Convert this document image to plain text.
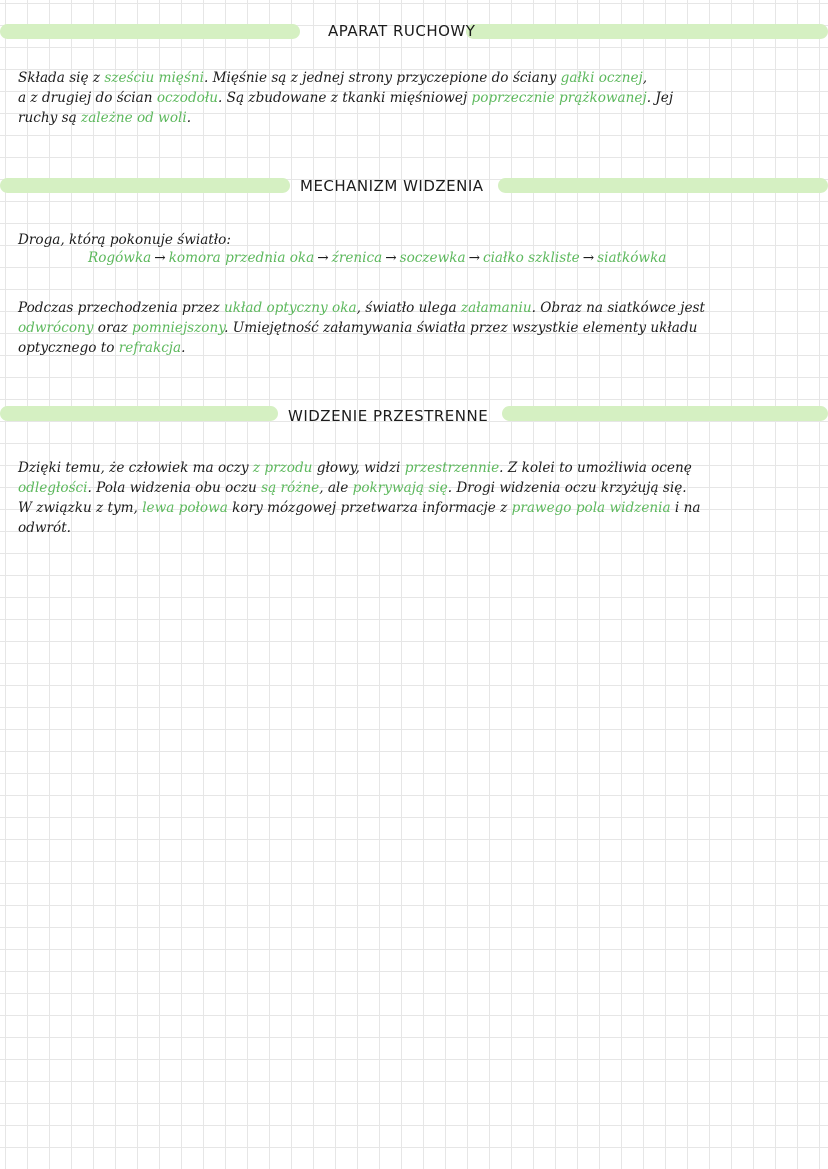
APARAT RUCHOWY
Składa się z sześciu mięśni. Mięśnie są z jednej strony przyczepione do ściany gałki ocznej,
a z drugiej do ścian oczodołu. Są zbudowane z tkanki mięśniowej poprzecznie prążkowanej. Jej
ruchy są zależne od woli.
MECHANIZM WIDZENIA
Droga, którą pokonuje światło:
Rogówka → komora przednia oka → źrenica → soczewka → ciałko szkliste → siatkówka
Podczas przechodzenia przez układ optyczny oka, światło ulega załamaniu. Obraz na siatkówce jest
odwrócony oraz pomniejszony. Umiejętność załamywania światła przez wszystkie elementy układu
optycznego to refrakcja.
WIDZENIE PRZESTRENNE
Dzięki temu, że człowiek ma oczy z przodu głowy, widzi przestrzennie. Z kolei to umożliwia ocenę
odległości. Pola widzenia obu oczu są różne, ale pokrywają się. Drogi widzenia oczu krzyżują się.
W związku z tym, lewa połowa kory mózgowej przetwarza informacje z prawego pola widzenia i na
odwrót.
